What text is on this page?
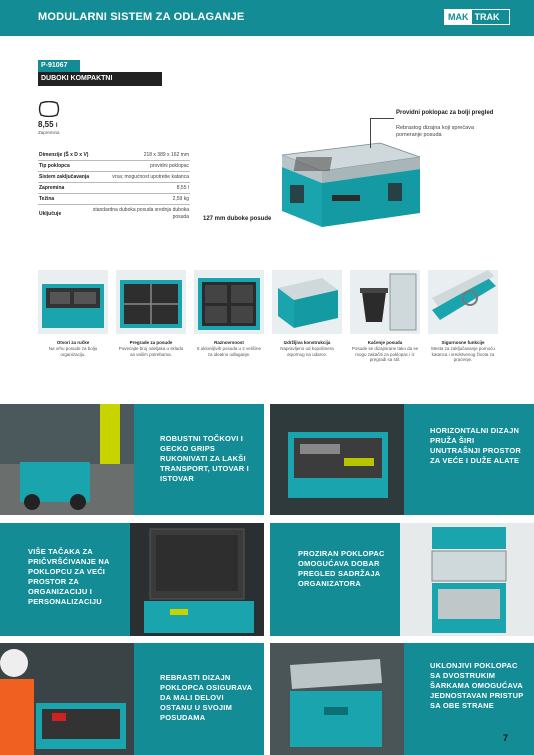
MODULARNI SISTEM ZA ODLAGANJE	MAK TRAK
P-91067
DUBOKI KOMPAKTNI ORGANIZATOR
8,55 l
Zapremina
Dimenzije (Š x D x V)	218 x 389 x 162 mm
Tip poklopca	providni poklopac
Sistem zaključavanja	vrsa; mogućnost upotrebe katanca
Zapremina	8,55 l
Težina	2,59 kg
Uključuje	standardna duboka posuda srednja duboka posuda
Providni poklopac za bolji pregled
Rebrastog dizajna koji sprečava pomeranje posuda
127 mm duboke posude
Otvori za ručke
Na vrhu posude za bolju organizaciju.
Pregrade za posude
Povećajte broj odeljaka u skladu sa vašim potrebama.
Raznovrsnost
5 ukloniljivih posuda u 2 veličine za idealno odlaganje.
Izdržljiva konstrukcija
Napravljeno od kopolimera otpornog na udarce.
Kačenje posuda
Posude se dizajnirane tako da se mogu zakačiti za poklopac i iz pregradi sa stil.
Sigurnosne funkcije
Mesta za zaključavanje pomoću katanca i sredstvenog života za praćenje.
ROBUSTNI TOČKOVI I GECKO GRIPS RUKONIVATI ZA LAKŠI TRANSPORT, UTOVAR I ISTOVAR
HORIZONTALNI DIZAJN PRUŽA ŠIRI UNUTRAŠNJI PROSTOR ZA VEĆE I DUŽE ALATE
VIŠE TAČAKA ZA PRIČVRŠĆIVANJE NA POKLOPCU ZA VEĆI PROSTOR ZA ORGANIZACIJU I PERSONALIZACIJU
PROZIRAN POKLOPAC OMOGUĆAVA DOBAR PREGLED SADRŽAJA ORGANIZATORA
REBRASTI DIZAJN POKLOPCA OSIGURAVA DA MALI DELOVI OSTANU U SVOJIM POSUDAMA
UKLONJIVI POKLOPAC SA DVOSTRUKIM ŠARKAMA OMOGUĆAVA JEDNOSTAVAN PRISTUP SA OBE STRANE
7
